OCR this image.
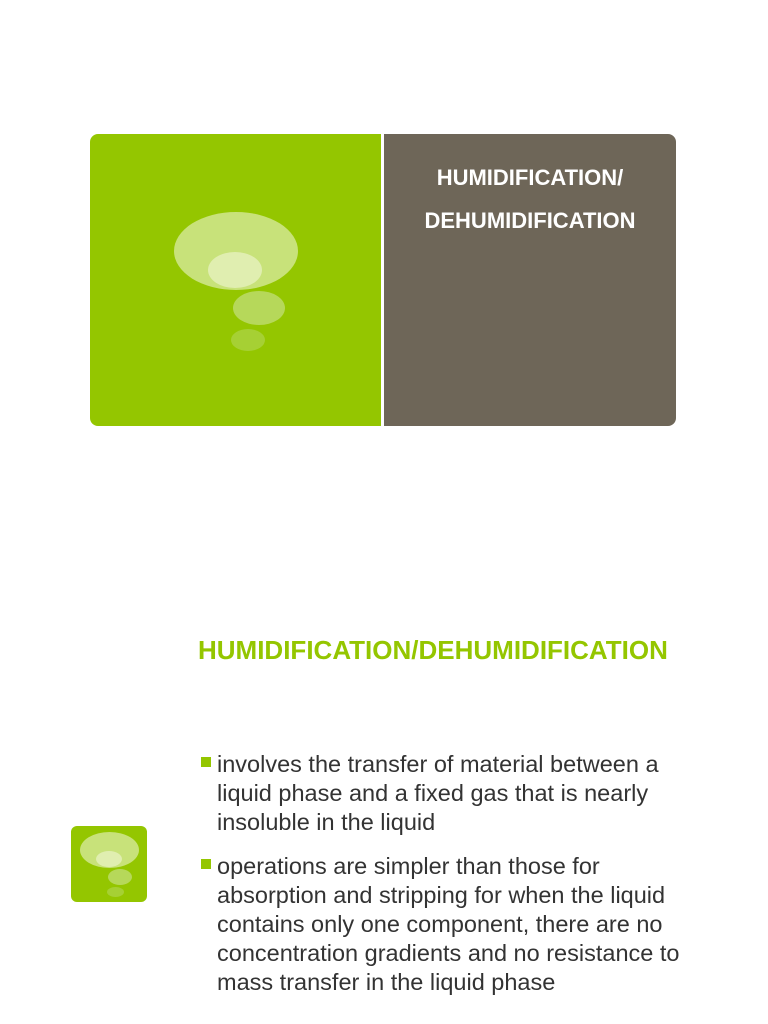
HUMIDIFICATION/
DEHUMIDIFICATION
HUMIDIFICATION/DEHUMIDIFICATION
involves the transfer of material between a liquid phase and a fixed gas that is nearly insoluble in the liquid
operations are simpler than those for absorption and stripping for when the liquid contains only one component, there are no concentration gradients and no resistance to mass transfer in the liquid phase
